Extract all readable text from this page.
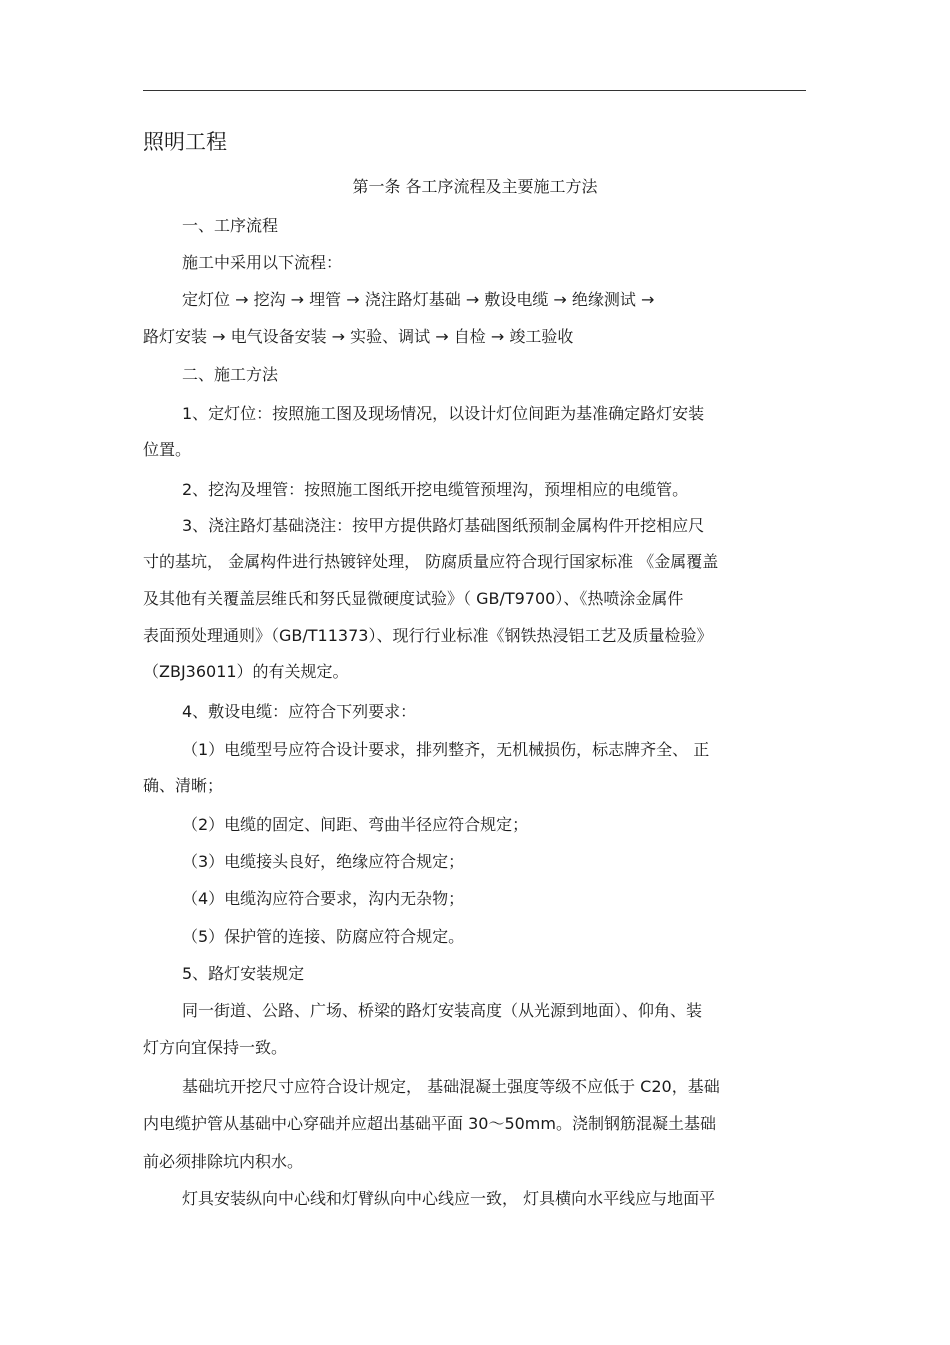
照明工程
第一条 各工序流程及主要施工方法
一、工序流程
施工中采用以下流程：
定灯位 → 挖沟 → 埋管 → 浇注路灯基础 → 敷设电缆 → 绝缘测试 →
路灯安装 → 电气设备安装 → 实验、调试 → 自检 → 竣工验收
二、施工方法
1、定灯位：按照施工图及现场情况，以设计灯位间距为基准确定路灯安装
位置。
2、挖沟及埋管：按照施工图纸开挖电缆管预埋沟，预埋相应的电缆管。
3、浇注路灯基础浇注：按甲方提供路灯基础图纸预制金属构件开挖相应尺
寸的基坑， 金属构件进行热镀锌处理， 防腐质量应符合现行国家标准 《金属覆盖
及其他有关覆盖层维氏和努氏显微硬度试验》（ GB/T9700）、《热喷涂金属件
表面预处理通则》（GB/T11373）、现行行业标准《钢铁热浸铝工艺及质量检验》
（ZBJ36011）的有关规定。
4、敷设电缆：应符合下列要求：
（1）电缆型号应符合设计要求，排列整齐，无机械损伤，标志牌齐全、 正
确、清晰；
（2）电缆的固定、间距、弯曲半径应符合规定；
（3）电缆接头良好，绝缘应符合规定；
（4）电缆沟应符合要求，沟内无杂物；
（5）保护管的连接、防腐应符合规定。
5、路灯安装规定
同一街道、公路、广场、桥梁的路灯安装高度（从光源到地面）、仰角、装
灯方向宜保持一致。
基础坑开挖尺寸应符合设计规定， 基础混凝土强度等级不应低于 C20，基础
内电缆护管从基础中心穿础并应超出基础平面 30～50mm。浇制钢筋混凝土基础
前必须排除坑内积水。
灯具安装纵向中心线和灯臂纵向中心线应一致， 灯具横向水平线应与地面平
